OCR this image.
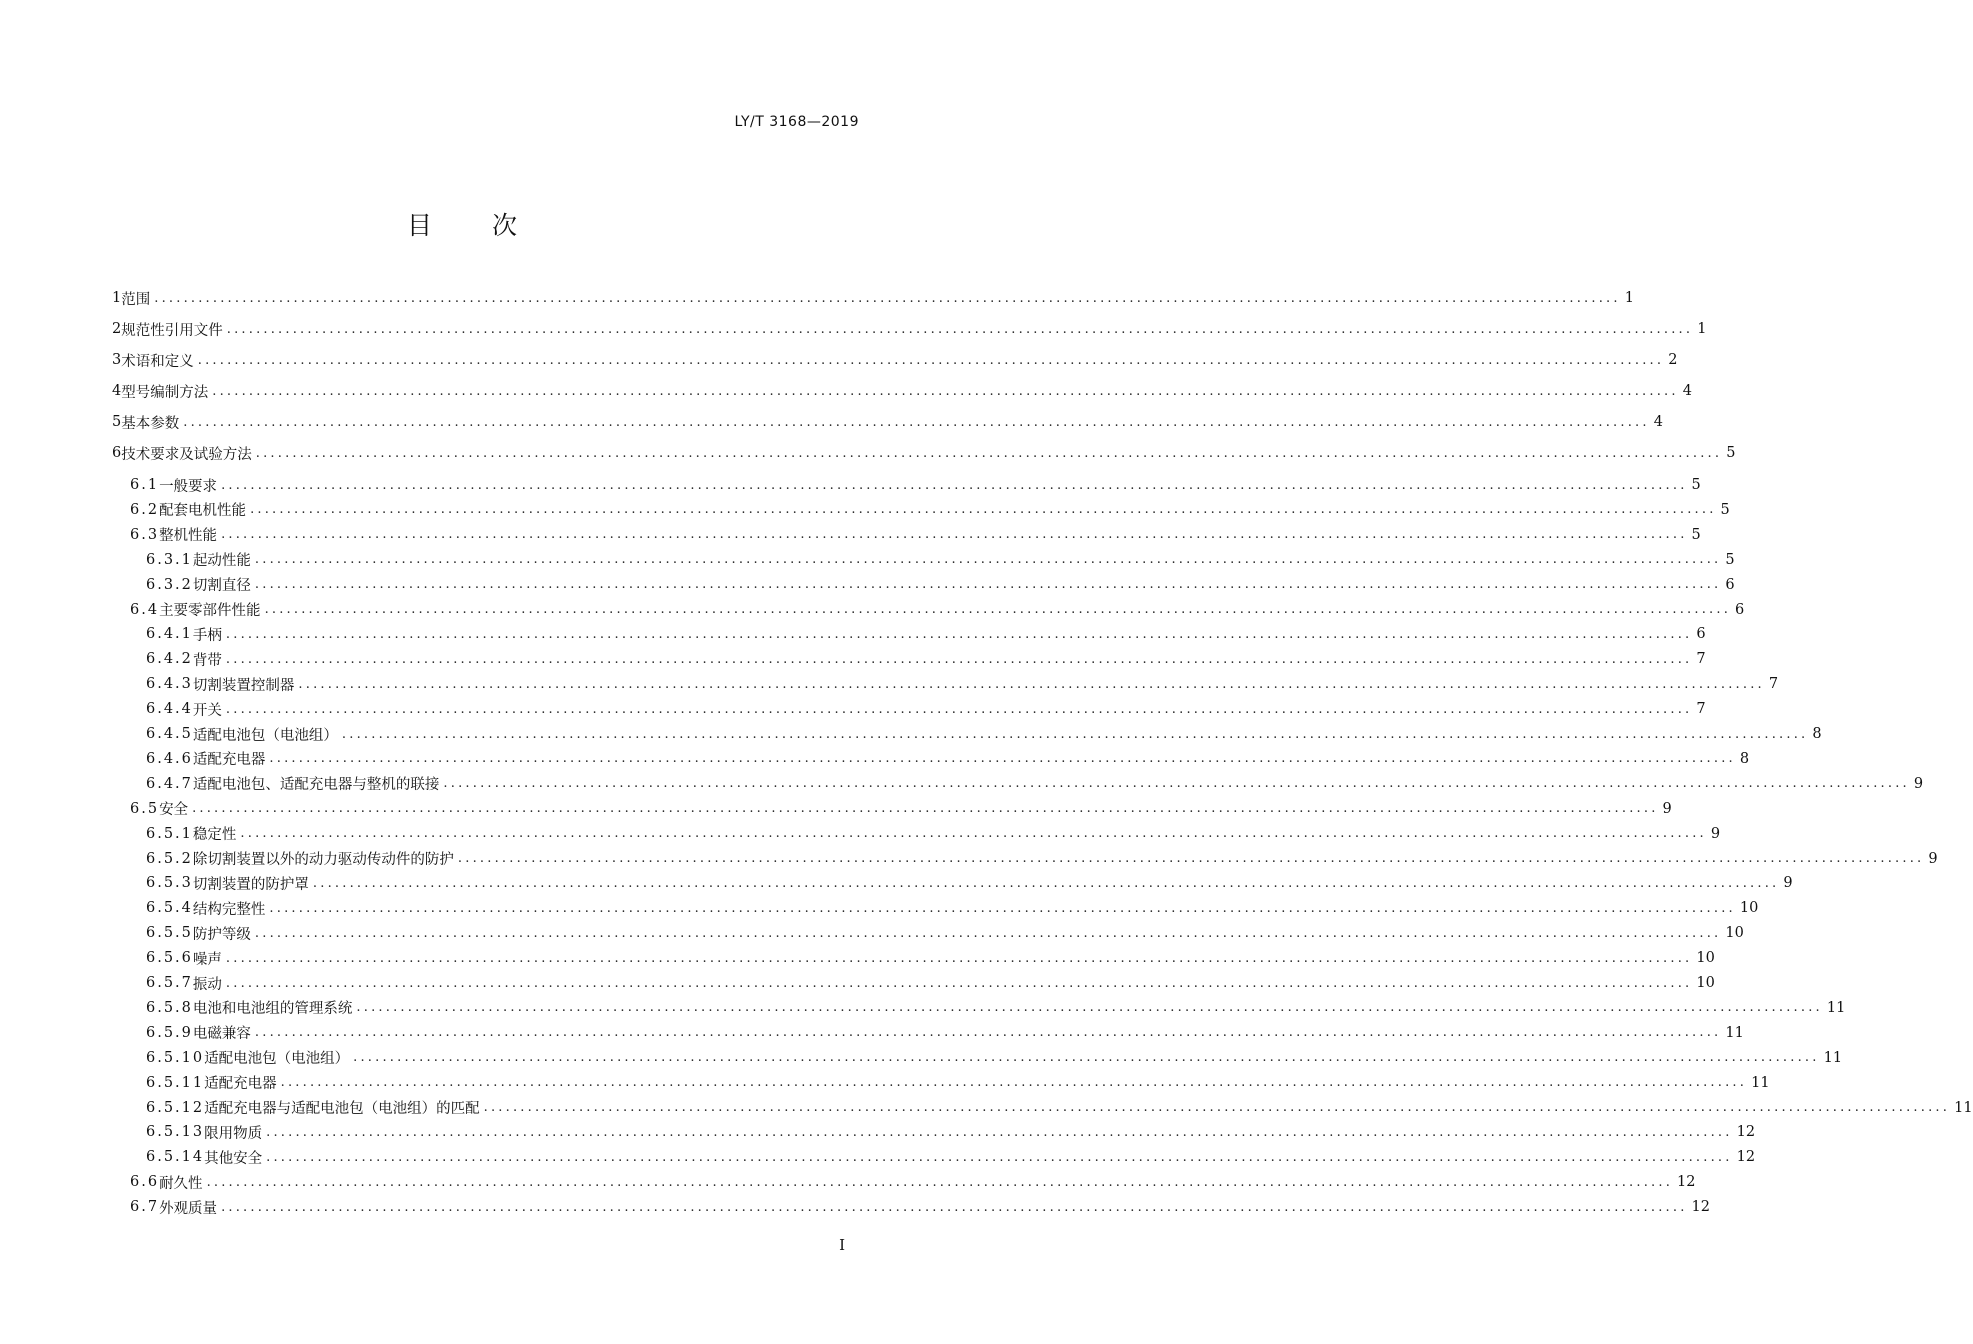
LY/T 3168—2019
目 次
1 范围 ........................................................................................................................................................................................................ 1
2 规范性引用文件 ........................................................................................................................................................................................................ 1
3 术语和定义 ........................................................................................................................................................................................................ 2
4 型号编制方法 ........................................................................................................................................................................................................ 4
5 基本参数 ........................................................................................................................................................................................................ 4
6 技术要求及试验方法 ........................................................................................................................................................................................................ 5
6.1 一般要求 ........................................................................................................................................................................................................ 5
6.2 配套电机性能 ........................................................................................................................................................................................................ 5
6.3 整机性能 ........................................................................................................................................................................................................ 5
6.3.1 起动性能 ........................................................................................................................................................................................................ 5
6.3.2 切割直径 ........................................................................................................................................................................................................ 6
6.4 主要零部件性能 ........................................................................................................................................................................................................ 6
6.4.1 手柄 ........................................................................................................................................................................................................ 6
6.4.2 背带 ........................................................................................................................................................................................................ 7
6.4.3 切割装置控制器 ........................................................................................................................................................................................................ 7
6.4.4 开关 ........................................................................................................................................................................................................ 7
6.4.5 适配电池包（电池组） ........................................................................................................................................................................................................ 8
6.4.6 适配充电器 ........................................................................................................................................................................................................ 8
6.4.7 适配电池包、适配充电器与整机的联接 ........................................................................................................................................................................................................ 9
6.5 安全 ........................................................................................................................................................................................................ 9
6.5.1 稳定性 ........................................................................................................................................................................................................ 9
6.5.2 除切割装置以外的动力驱动传动件的防护 ........................................................................................................................................................................................................ 9
6.5.3 切割装置的防护罩 ........................................................................................................................................................................................................ 9
6.5.4 结构完整性 ........................................................................................................................................................................................................ 10
6.5.5 防护等级 ........................................................................................................................................................................................................ 10
6.5.6 噪声 ........................................................................................................................................................................................................ 10
6.5.7 振动 ........................................................................................................................................................................................................ 10
6.5.8 电池和电池组的管理系统 ........................................................................................................................................................................................................ 11
6.5.9 电磁兼容 ........................................................................................................................................................................................................ 11
6.5.10 适配电池包（电池组） ........................................................................................................................................................................................................ 11
6.5.11 适配充电器 ........................................................................................................................................................................................................ 11
6.5.12 适配充电器与适配电池包（电池组）的匹配 ........................................................................................................................................................................................................ 11
6.5.13 限用物质 ........................................................................................................................................................................................................ 12
6.5.14 其他安全 ........................................................................................................................................................................................................ 12
6.6 耐久性 ........................................................................................................................................................................................................ 12
6.7 外观质量 ........................................................................................................................................................................................................ 12
I
